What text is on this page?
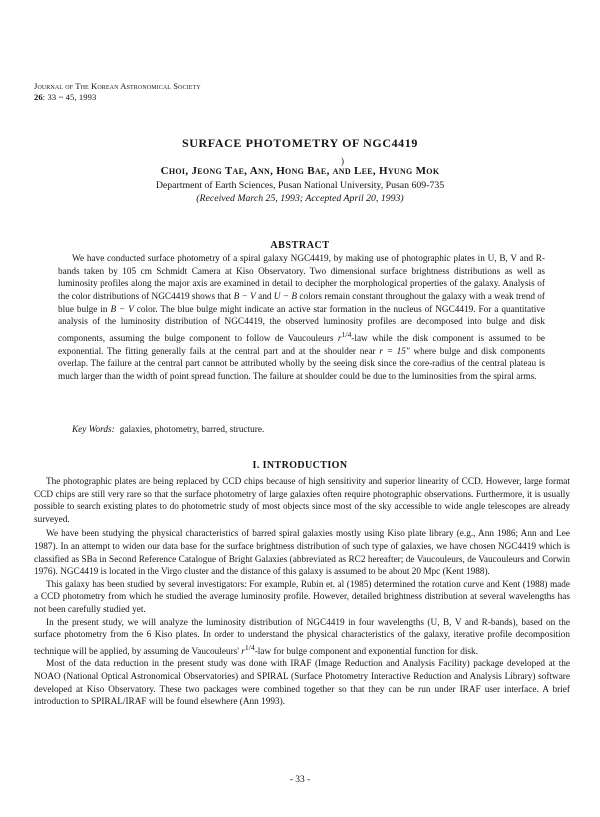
Journal of The Korean Astronomical Society
26: 33 ~ 45, 1993
SURFACE PHOTOMETRY OF NGC4419
)
Choi, Jeong Tae, Ann, Hong Bae, and Lee, Hyung Mok
Department of Earth Sciences, Pusan National University, Pusan 609-735
(Received March 25, 1993; Accepted April 20, 1993)
ABSTRACT

We have conducted surface photometry of a spiral galaxy NGC4419, by making use of photographic plates in U, B, V and R-bands taken by 105 cm Schmidt Camera at Kiso Observatory. Two dimensional surface brightness distributions as well as luminosity profiles along the major axis are examined in detail to decipher the morphological properties of the galaxy. Analysis of the color distributions of NGC4419 shows that B − V and U − B colors remain constant throughout the galaxy with a weak trend of blue bulge in B − V color. The blue bulge might indicate an active star formation in the nucleus of NGC4419. For a quantitative analysis of the luminosity distribution of NGC4419, the observed luminosity profiles are decomposed into bulge and disk components, assuming the bulge component to follow de Vaucouleurs $r^{1/4}$-law while the disk component is assumed to be exponential. The fitting generally fails at the central part and at the shoulder near r = 15″ where bulge and disk components overlap. The failure at the central part cannot be attributed wholly by the seeing disk since the core-radius of the central plateau is much larger than the width of point spread function. The failure at shoulder could be due to the luminosities from the spiral arms.

Key Words: galaxies, photometry, barred, structure.
I. INTRODUCTION

The photographic plates are being replaced by CCD chips because of high sensitivity and superior linearity of CCD. However, large format CCD chips are still very rare so that the surface photometry of large galaxies often require photographic observations. Furthermore, it is usually possible to search existing plates to do photometric study of most objects since most of the sky accessible to wide angle telescopes are already surveyed.

We have been studying the physical characteristics of barred spiral galaxies mostly using Kiso plate library (e.g., Ann 1986; Ann and Lee 1987). In an attempt to widen our data base for the surface brightness distribution of such type of galaxies, we have chosen NGC4419 which is classified as SBa in Second Reference Catalogue of Bright Galaxies (abbreviated as RC2 hereafter; de Vaucouleurs, de Vaucouleurs and Corwin 1976). NGC4419 is located in the Virgo cluster and the distance of this galaxy is assumed to be about 20 Mpc (Kent 1988).

This galaxy has been studied by several investigators: For example, Rubin et. al (1985) determined the rotation curve and Kent (1988) made a CCD photometry from which he studied the average luminosity profile. However, detailed brightness distribution at several wavelengths has not been carefully studied yet.

In the present study, we will analyze the luminosity distribution of NGC4419 in four wavelengths (U, B, V and R-bands), based on the surface photometry from the 6 Kiso plates. In order to understand the physical characteristics of the galaxy, iterative profile decomposition technique will be applied, by assuming de Vaucouleurs' $r^{1/4}$-law for bulge component and exponential function for disk.

Most of the data reduction in the present study was done with IRAF (Image Reduction and Analysis Facility) package developed at the NOAO (National Optical Astronomical Observatories) and SPIRAL (Surface Photometry Interactive Reduction and Analysis Library) software developed at Kiso Observatory. These two packages were combined together so that they can be run under IRAF user interface. A brief introduction to SPIRAL/IRAF will be found elsewhere (Ann 1993).

- 33 -
